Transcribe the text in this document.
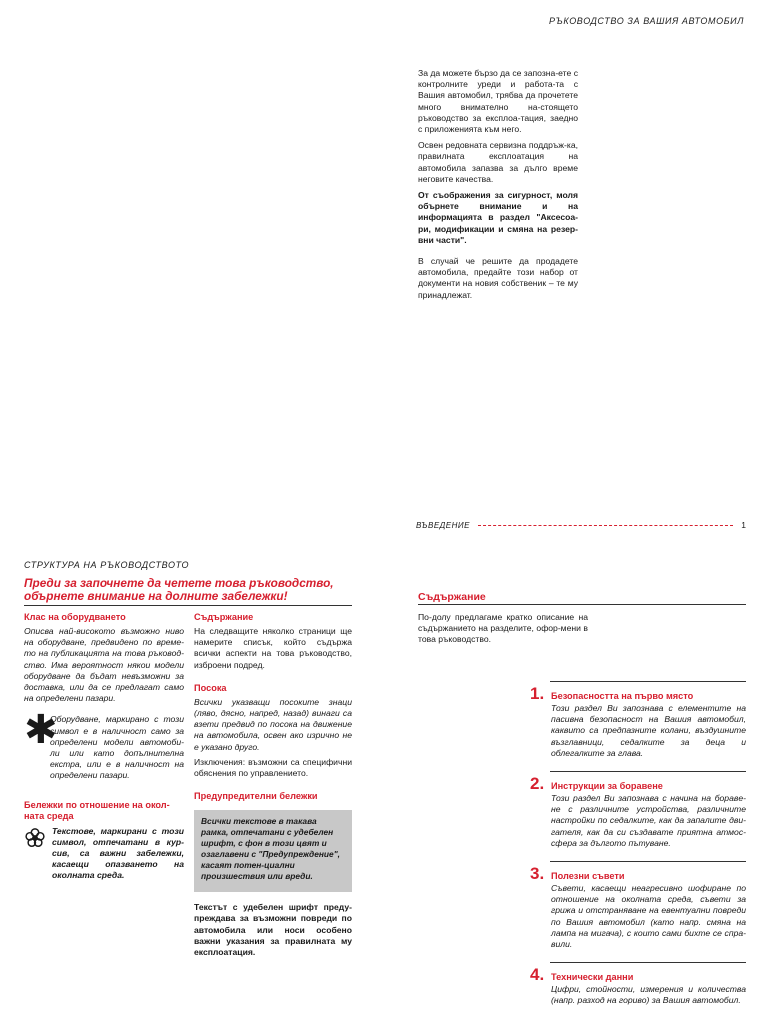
РЪКОВОДСТВО ЗА ВАШИЯ АВТОМОБИЛ

За да можете бързо да се запозна-ете с контролните уреди и работа-та с Вашия автомобил, трябва да прочетете много внимателно на-стоящето ръководство за експлоа-тация, заедно с приложенията към него.

Освен редовната сервизна поддръж-ка, правилната експлоатация на автомобила запазва за дълго време неговите качества.

От съображения за сигурност, моля обърнете внимание и на информацията в раздел "Аксесоа-ри, модификации и смяна на резер-вни части".

В случай че решите да продадете автомобила, предайте този набор от документи на новия собственик – те му принадлежат.

ВЪВЕДЕНИЕ	1
СТРУКТУРА НА РЪКОВОДСТВОТО
Преди за започнете да четете това ръководство, обърнете внимание на долните забележки!
Клас на оборудването

Описва най-високото възможно ниво на оборудване, предвидено по време-то на публикацията на това ръковод-ство. Има вероятност някои модели оборудване да бъдат невъзможни за доставка, или да се предлагат само на определени пазари.

✱

Оборудване, маркирано с този символ е в наличност само за определени модели автомоби-ли или като допълнителна екстра, или е в наличност на определени пазари.

Бележки по отношение на окол-ната среда

Текстове, маркирани с този символ, отпечатани в кур-сив, са важни забележки, касаещи опазването на околната среда.

Съдържание

На следващите няколко страници ще намерите списък, който съдържа всички аспекти на това ръководство, изброени подред.

Посока

Всички указващи посоките знаци (ляво, дясно, напред, назад) винаги са взети предвид по посока на движение на автомобила, освен ако изрично не е указано друго.

Изключения: възможни са специфични обяснения по управлението.

Предупредителни бележки

Всички текстове в такава рамка, отпечатани с удебелен шрифт, с фон в този цвят и озаглавени с "Предупреждение", касаят потен-циални произшествия или вреди.

Текстът с удебелен шрифт преду-преждава за възможни повреди по автомобила или носи особено важни указания за правилната му експлоатация.

Съдържание
По-долу предлагаме кратко описание на съдържанието на разделите, офор-мени в това ръководство.
1. Безопасността на първо място

Този раздел Ви запознава с елементите на пасивна безопасност на Вашия автомобил, каквито са предпазните колани, въздушните възглавници, седалките за деца и облегалките за глава.

2. Инструкции за боравене

Този раздел Ви запознава с начина на боравe-не с различните устройства, различните настройки по седалките, как да запалите дви-гателя, как да си създавате приятна атмос-сфера за дългото пътуване.

3. Полезни съвети

Съвети, касаещи неагресивно шофиране по отношение на околната среда, съвети за грижа и отстраняване на евентуални повреди по Вашия автомобил (като напр. смяна на лампа на мигача), с които сами бихте се спра-вили.

4. Технически данни

Цифри, стойности, измерения и количества (напр. разход на гориво) за Вашия автомобил.
